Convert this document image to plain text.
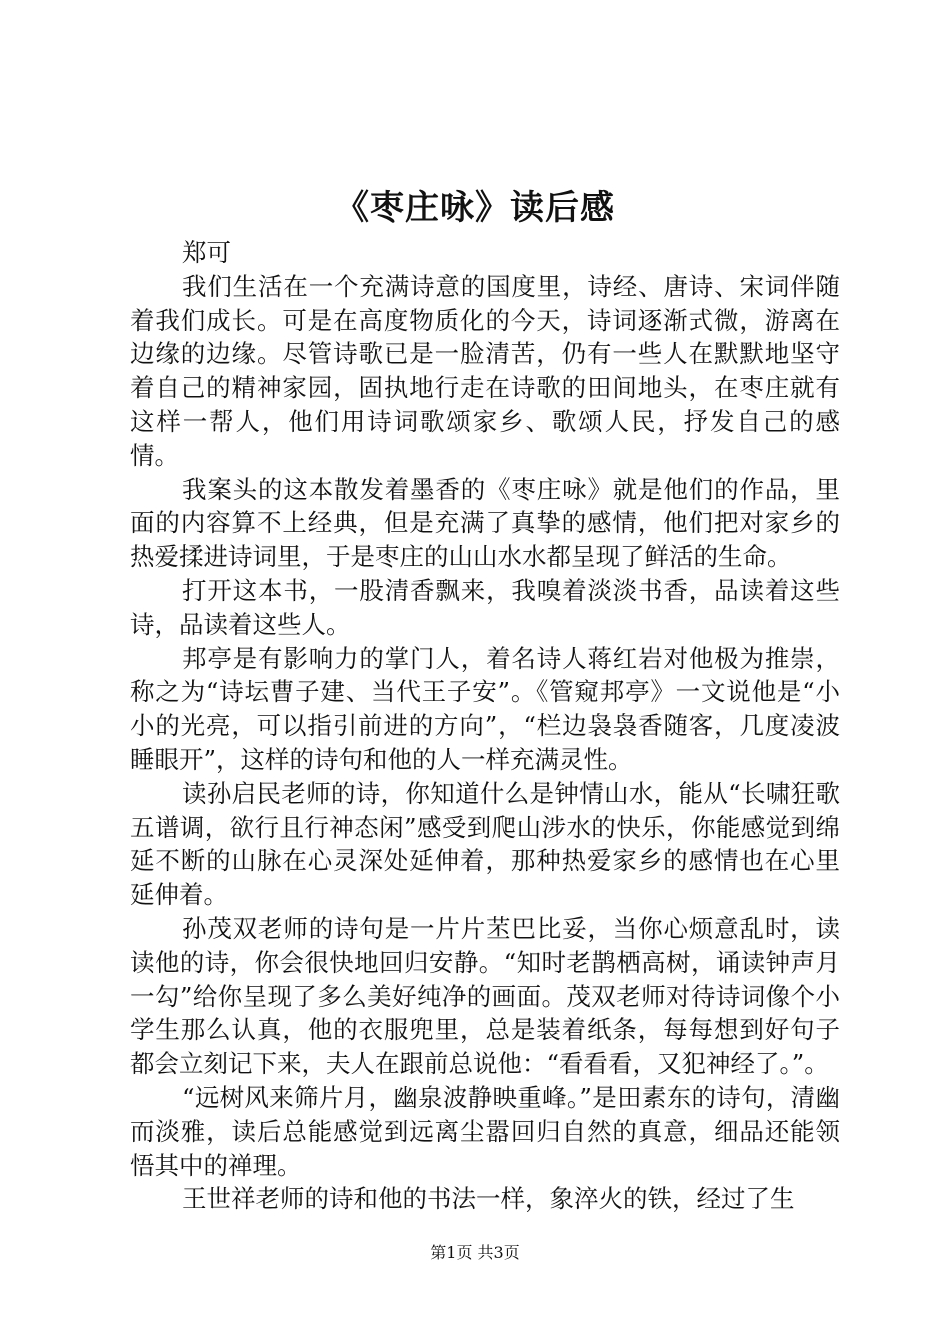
《枣庄咏》读后感

郑可

我们生活在一个充满诗意的国度里，诗经、唐诗、宋词伴随着我们成长。可是在高度物质化的今天，诗词逐渐式微，游离在边缘的边缘。尽管诗歌已是一脸清苦，仍有一些人在默默地坚守着自己的精神家园，固执地行走在诗歌的田间地头，在枣庄就有这样一帮人，他们用诗词歌颂家乡、歌颂人民，抒发自己的感情。

我案头的这本散发着墨香的《枣庄咏》就是他们的作品，里面的内容算不上经典，但是充满了真挚的感情，他们把对家乡的热爱揉进诗词里，于是枣庄的山山水水都呈现了鲜活的生命。

打开这本书，一股清香飘来，我嗅着淡淡书香，品读着这些诗，品读着这些人。

邦亭是有影响力的掌门人，着名诗人蒋红岩对他极为推崇，称之为“诗坛曹子建、当代王子安”。《管窥邦亭》一文说他是“小小的光亮，可以指引前进的方向”，“栏边袅袅香随客，几度凌波睡眼开”，这样的诗句和他的人一样充满灵性。

读孙启民老师的诗，你知道什么是钟情山水，能从“长啸狂歌五谱调，欲行且行神态闲”感受到爬山涉水的快乐，你能感觉到绵延不断的山脉在心灵深处延伸着，那种热爱家乡的感情也在心里延伸着。

孙茂双老师的诗句是一片片苤巴比妥，当你心烦意乱时，读读他的诗，你会很快地回归安静。“知时老鹊栖高树，诵读钟声月一勾”给你呈现了多么美好纯净的画面。茂双老师对待诗词像个小学生那么认真，他的衣服兜里，总是装着纸条，每每想到好句子都会立刻记下来，夫人在跟前总说他：“看看看，又犯神经了。”。

“远树风来筛片月，幽泉波静映重峰。”是田素东的诗句，清幽而淡雅，读后总能感觉到远离尘嚣回归自然的真意，细品还能领悟其中的禅理。

王世祥老师的诗和他的书法一样，象淬火的铁，经过了生

第1页 共3页
